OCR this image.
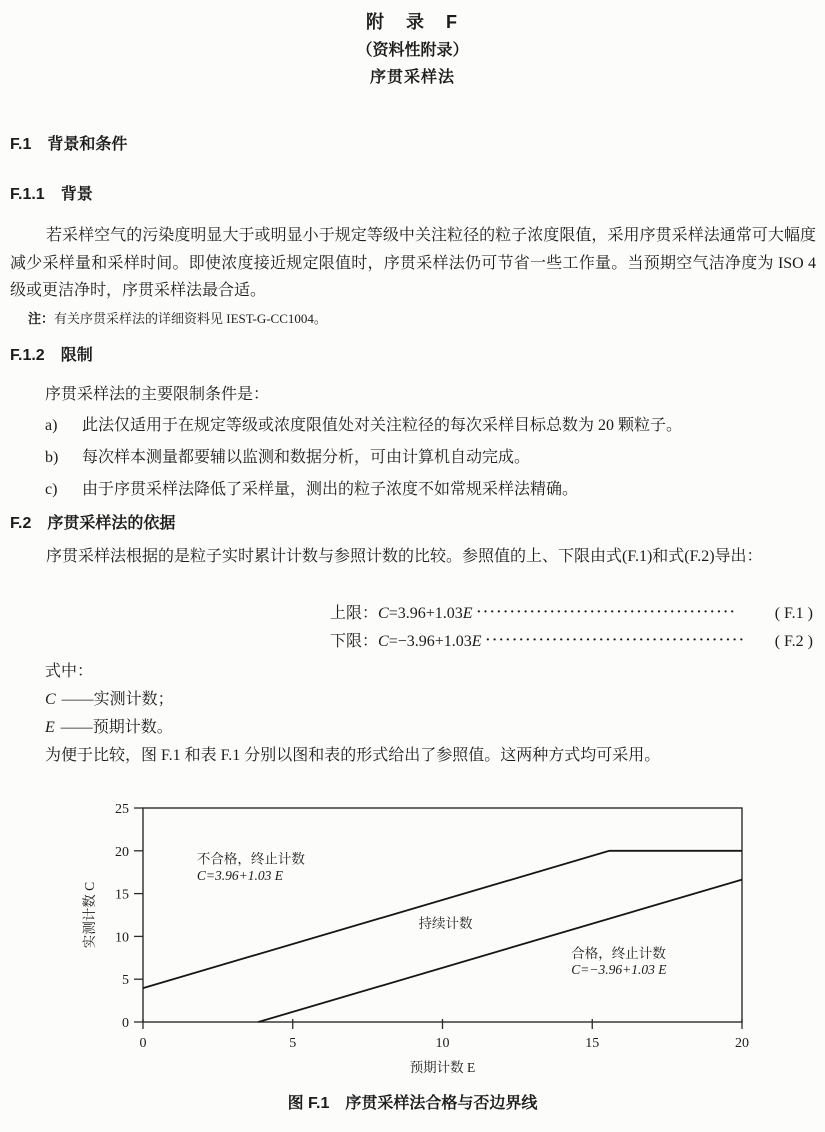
附　录　F
（资料性附录）
序贯采样法
F.1　背景和条件
F.1.1　背景
若采样空气的污染度明显大于或明显小于规定等级中关注粒径的粒子浓度限值，采用序贯采样法通常可大幅度减少采样量和采样时间。即使浓度接近规定限值时，序贯采样法仍可节省一些工作量。当预期空气洁净度为 ISO 4 级或更洁净时，序贯采样法最合适。
注：有关序贯采样法的详细资料见 IEST-G-CC1004。
F.1.2　限制
序贯采样法的主要限制条件是：
a) 此法仅适用于在规定等级或浓度限值处对关注粒径的每次采样目标总数为 20 颗粒子。
b) 每次样本测量都要辅以监测和数据分析，可由计算机自动完成。
c) 由于序贯采样法降低了采样量，测出的粒子浓度不如常规采样法精确。
F.2　序贯采样法的依据
序贯采样法根据的是粒子实时累计计数与参照计数的比较。参照值的上、下限由式(F.1)和式(F.2)导出：
上限：C=3.96+1.03E ·······································	( F.1 )
下限：C=−3.96+1.03E ·······································	( F.2 )
式中：
C ——实测计数；
E ——预期计数。
为便于比较，图 F.1 和表 F.1 分别以图和表的形式给出了参照值。这两种方式均可采用。
0
5
10
15
20
25
0	5	10	15	20
不合格，终止计数
C=3.96+1.03 E
持续计数
合格，终止计数
C=−3.96+1.03 E
预期计数 E
实测计数 C
图 F.1　序贯采样法合格与否边界线
